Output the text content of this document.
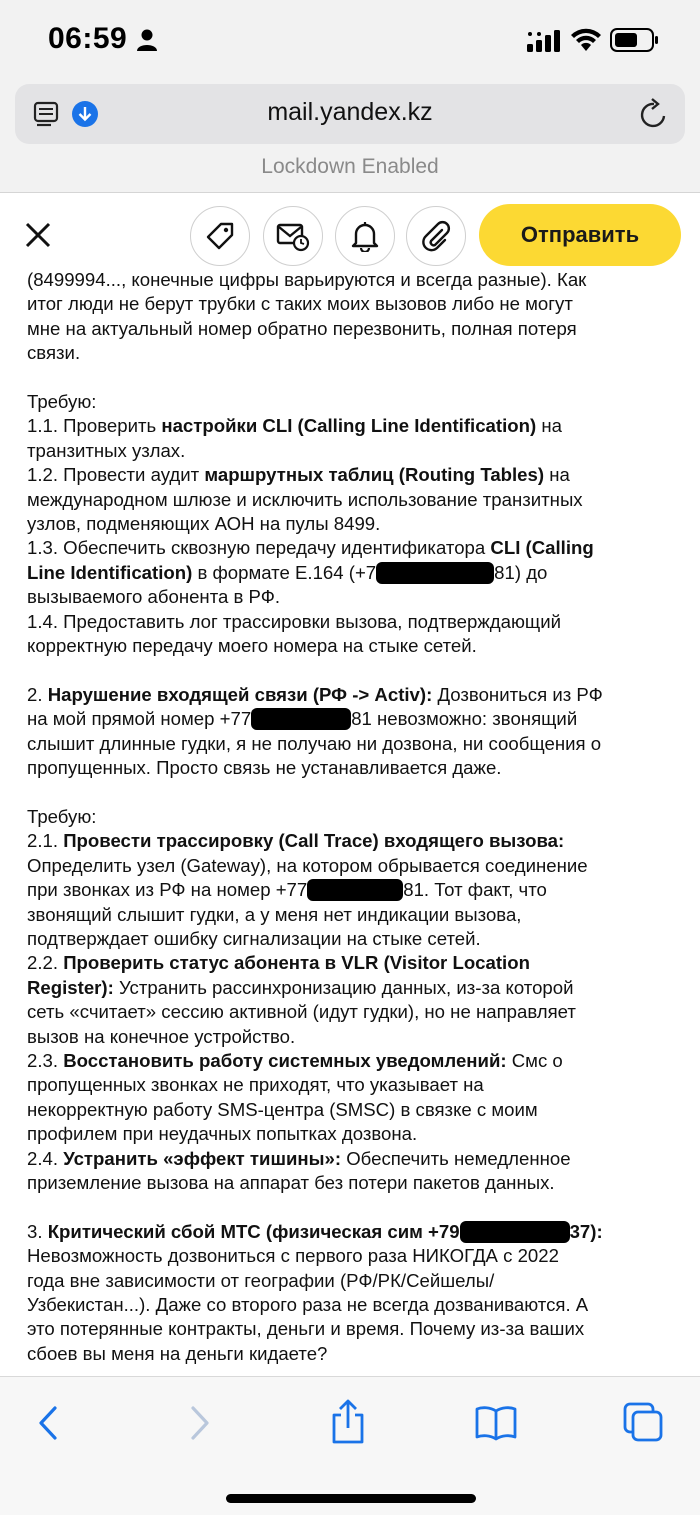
06:59
mail.yandex.kz
Lockdown Enabled
Отправить

(8499994..., конечные цифры варьируются и всегда разные). Как

итог люди не берут трубки с таких моих вызовов либо не могут

мне на актуальный номер обратно перезвонить, полная потеря

связи.

Требую:

1.1. Проверить настройки CLI (Calling Line Identification) на

транзитных узлах.

1.2. Провести аудит маршрутных таблиц (Routing Tables) на

международном шлюзе и исключить использование транзитных

узлов, подменяющих АОН на пулы 8499.

1.3. Обеспечить сквозную передачу идентификатора CLI (Calling

Line Identification) в формате E.164 (+7	81) до

вызываемого абонента в РФ.

1.4. Предоставить лог трассировки вызова, подтверждающий

корректную передачу моего номера на стыке сетей.

2. Нарушение входящей связи (РФ -> Activ): Дозвониться из РФ

на мой прямой номер +77	81 невозможно: звонящий

слышит длинные гудки, я не получаю ни дозвона, ни сообщения о

пропущенных. Просто связь не устанавливается даже.

Требую:

2.1. Провести трассировку (Call Trace) входящего вызова:

Определить узел (Gateway), на котором обрывается соединение

при звонках из РФ на номер +77	81. Тот факт, что

звонящий слышит гудки, а у меня нет индикации вызова,

подтверждает ошибку сигнализации на стыке сетей.

2.2. Проверить статус абонента в VLR (Visitor Location

Register): Устранить рассинхронизацию данных, из-за которой

сеть «считает» сессию активной (идут гудки), но не направляет

вызов на конечное устройство.

2.3. Восстановить работу системных уведомлений: Смс о

пропущенных звонках не приходят, что указывает на

некорректную работу SMS-центра (SMSC) в связке с моим

профилем при неудачных попытках дозвона.

2.4. Устранить «эффект тишины»: Обеспечить немедленное

приземление вызова на аппарат без потери пакетов данных.

3. Критический сбой МТС (физическая сим +79	37):

Невозможность дозвониться с первого раза НИКОГДА с 2022

года вне зависимости от географии (РФ/РК/Сейшелы/

Узбекистан...). Даже со второго раза не всегда дозваниваются. А

это потерянные контракты, деньги и время. Почему из-за ваших

сбоев вы меня на деньги кидаете?
